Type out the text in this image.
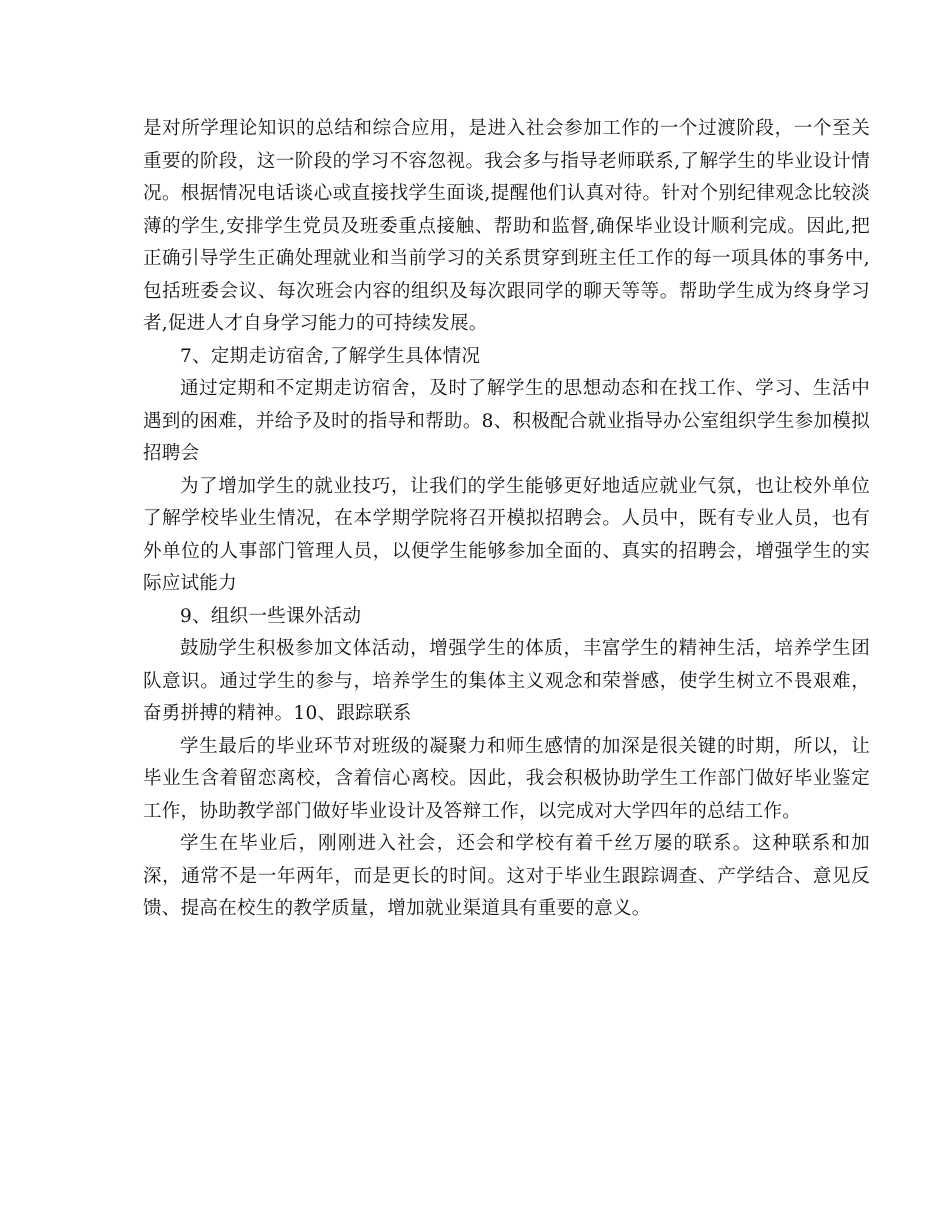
是对所学理论知识的总结和综合应用，是进入社会参加工作的一个过渡阶段，一个至关重要的阶段，这一阶段的学习不容忽视。我会多与指导老师联系,了解学生的毕业设计情况。根据情况电话谈心或直接找学生面谈,提醒他们认真对待。针对个别纪律观念比较淡薄的学生,安排学生党员及班委重点接触、帮助和监督,确保毕业设计顺利完成。因此,把正确引导学生正确处理就业和当前学习的关系贯穿到班主任工作的每一项具体的事务中,包括班委会议、每次班会内容的组织及每次跟同学的聊天等等。帮助学生成为终身学习者,促进人才自身学习能力的可持续发展。

7、定期走访宿舍,了解学生具体情况

通过定期和不定期走访宿舍，及时了解学生的思想动态和在找工作、学习、生活中遇到的困难，并给予及时的指导和帮助。8、积极配合就业指导办公室组织学生参加模拟招聘会

为了增加学生的就业技巧，让我们的学生能够更好地适应就业气氛，也让校外单位了解学校毕业生情况，在本学期学院将召开模拟招聘会。人员中，既有专业人员，也有外单位的人事部门管理人员，以便学生能够参加全面的、真实的招聘会，增强学生的实际应试能力

9、组织一些课外活动

鼓励学生积极参加文体活动，增强学生的体质，丰富学生的精神生活，培养学生团队意识。通过学生的参与，培养学生的集体主义观念和荣誉感，使学生树立不畏艰难，奋勇拼搏的精神。10、跟踪联系

学生最后的毕业环节对班级的凝聚力和师生感情的加深是很关键的时期，所以，让毕业生含着留恋离校，含着信心离校。因此，我会积极协助学生工作部门做好毕业鉴定工作，协助教学部门做好毕业设计及答辩工作，以完成对大学四年的总结工作。

学生在毕业后，刚刚进入社会，还会和学校有着千丝万屡的联系。这种联系和加深，通常不是一年两年，而是更长的时间。这对于毕业生跟踪调查、产学结合、意见反馈、提高在校生的教学质量，增加就业渠道具有重要的意义。
